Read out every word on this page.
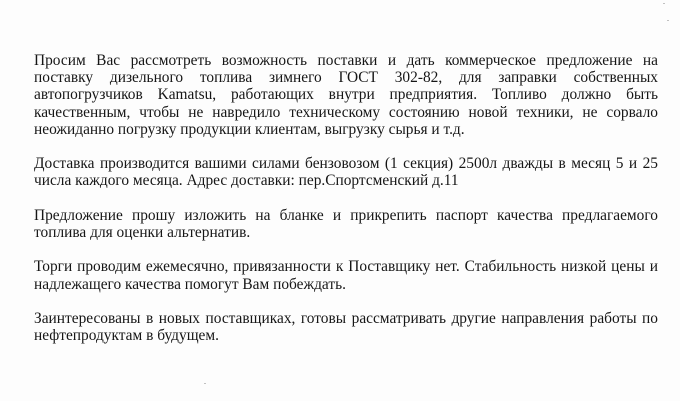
Просим Вас рассмотреть возможность поставки и дать коммерческое предложение на поставку дизельного топлива зимнего ГОСТ 302-82, для заправки собственных автопогрузчиков Kamatsu, работающих внутри предприятия. Топливо должно быть качественным, чтобы не навредило техническому состоянию новой техники, не сорвало неожиданно погрузку продукции клиентам, выгрузку сырья и т.д.

Доставка производится вашими силами бензовозом (1 секция) 2500л дважды в месяц 5 и 25 числа каждого месяца. Адрес доставки: пер.Спортсменский д.11

Предложение прошу изложить на бланке и прикрепить паспорт качества предлагаемого топлива для оценки альтернатив.

Торги проводим ежемесячно, привязанности к Поставщику нет. Стабильность низкой цены и надлежащего качества помогут Вам побеждать.

Заинтересованы в новых поставщиках, готовы рассматривать другие направления работы по нефтепродуктам в будущем.
